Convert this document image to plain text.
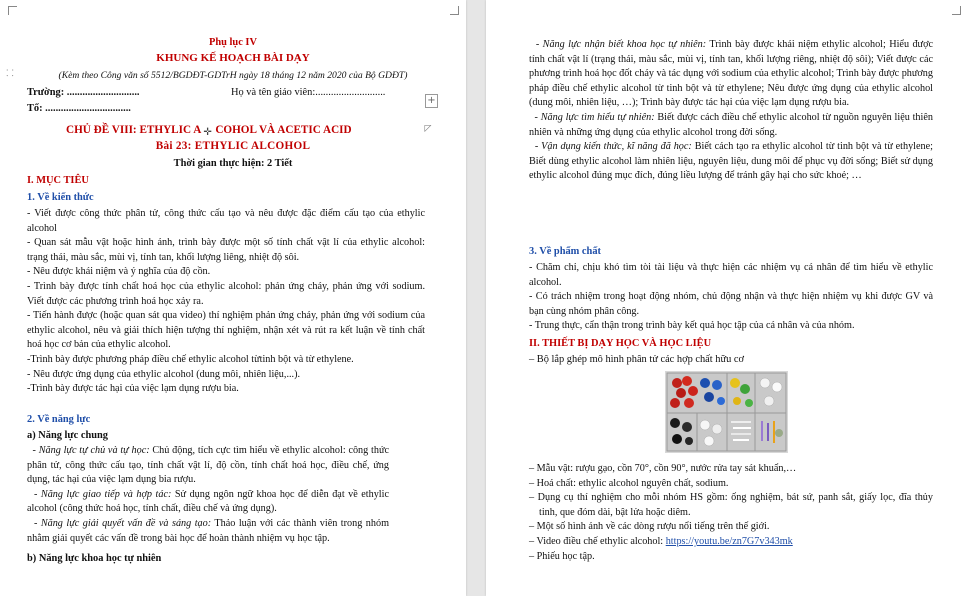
Phụ lục IV
KHUNG KẾ HOẠCH BÀI DẠY
⸬	(Kèm theo Công văn số 5512/BGDĐT-GDTrH ngày 18 tháng 12 năm 2020 của Bộ GDĐT)
Trường: ............................	Họ và tên giáo viên:...........................
+
Tổ: .................................
CHỦ ĐỀ VIII: ETHYLIC A ✛ COHOL VÀ ACETIC ACID	◸
Bài 23: ETHYLIC ALCOHOL
Thời gian thực hiện: 2 Tiết
I. MỤC TIÊU
1. Về kiến thức

- Viết được công thức phân tử, công thức cấu tạo và nêu được đặc điểm cấu tạo của ethylic alcohol

- Quan sát mẫu vật hoặc hình ảnh, trình bày được một số tính chất vật lí của ethylic alcohol: trạng thái, màu sắc, mùi vị, tính tan, khối lượng liêng, nhiệt độ sôi.

- Nêu được khái niệm và ý nghĩa của độ cồn.

- Trình bày được tính chất hoá học của ethylic alcohol: phản ứng cháy, phản ứng với sodium. Viết được các phương trình hoá học xảy ra.

- Tiến hành được (hoặc quan sát qua video) thí nghiệm phản ứng cháy, phản ứng với sodium của ethylic alcohol, nêu và giải thích hiện tượng thí nghiệm, nhận xét và rút ra kết luận về tính chất hoá học cơ bản của ethylic alcohol.

-Trình bày được phương pháp điều chế ethylic alcohol từtinh bột và từ ethylene.

- Nêu được ứng dụng của ethylic alcohol (dung môi, nhiên liệu,...).

-Trình bày được tác hại của việc lạm dụng rượu bia.

2. Về năng lực
a) Năng lực chung

- Năng lực tự chủ và tự học: Chủ động, tích cực tìm hiểu về ethylic alcohol: công thức phân tử, công thức cấu tạo, tính chất vật lí, độ cồn, tính chất hoá học, điều chế, ứng dụng, tác hại của việc lạm dụng bia rượu.

- Năng lực giao tiếp và hợp tác: Sử dụng ngôn ngữ khoa học để diễn đạt về ethylic alcohol (công thức hoá học, tính chất, điều chế và ứng dụng).

- Năng lực giải quyết vấn đề và sáng tạo: Thảo luận với các thành viên trong nhóm nhằm giải quyết các vấn đề trong bài học để hoàn thành nhiệm vụ học tập.

b) Năng lực khoa học tự nhiên

- Năng lực nhận biết khoa học tự nhiên: Trình bày được khái niệm ethylic alcohol; Hiểu được tính chất vật lí (trạng thái, màu sắc, mùi vị, tính tan, khối lượng riêng, nhiệt độ sôi); Viết được các phương trình hoá học đốt cháy và tác dụng với sodium của ethylic alcohol; Trình bày được phương pháp điều chế ethylic alcohol từ tinh bột và từ ethylene; Nêu được ứng dụng của ethylic alcohol (dung môi, nhiên liệu, …); Trình bày được tác hại của việc lạm dụng rượu bia.

- Năng lực tìm hiểu tự nhiên: Biết được cách điều chế ethylic alcohol từ nguồn nguyên liệu thiên nhiên và những ứng dụng của ethylic alcohol trong đời sống.

- Vận dụng kiến thức, kĩ năng đã học: Biết cách tạo ra ethylic alcohol từ tinh bột và từ ethylene; Biết dùng ethylic alcohol làm nhiên liệu, nguyên liệu, dung môi để phục vụ đời sống; Biết sử dụng ethylic alcohol đúng mục đích, đúng liều lượng để tránh gây hại cho sức khoẻ; …

3. Về phẩm chất

- Chăm chỉ, chịu khó tìm tòi tài liệu và thực hiện các nhiệm vụ cá nhân để tìm hiểu về ethylic alcohol.

- Có trách nhiệm trong hoạt động nhóm, chủ động nhận và thực hiện nhiệm vụ khi được GV và bạn cùng nhóm phân công.

- Trung thực, cẩn thận trong trình bày kết quả học tập của cá nhân và của nhóm.

II. THIẾT BỊ DẠY HỌC VÀ HỌC LIỆU
– Bộ lắp ghép mô hình phân tử các hợp chất hữu cơ

– Mẫu vật: rượu gạo, cồn 70°, cồn 90°, nước rửa tay sát khuẩn,…

– Hoá chất: ethylic alcohol nguyên chất, sodium.

– Dụng cụ thí nghiệm cho mỗi nhóm HS gồm: ống nghiệm, bát sứ, panh sắt, giấy lọc, đĩa thủy tinh, que đóm dài, bật lửa hoặc diêm.

– Một số hình ảnh về các dòng rượu nổi tiếng trên thế giới.

– Video điều chế ethylic alcohol: https://youtu.be/zn7G7v343mk

– Phiếu học tập.
